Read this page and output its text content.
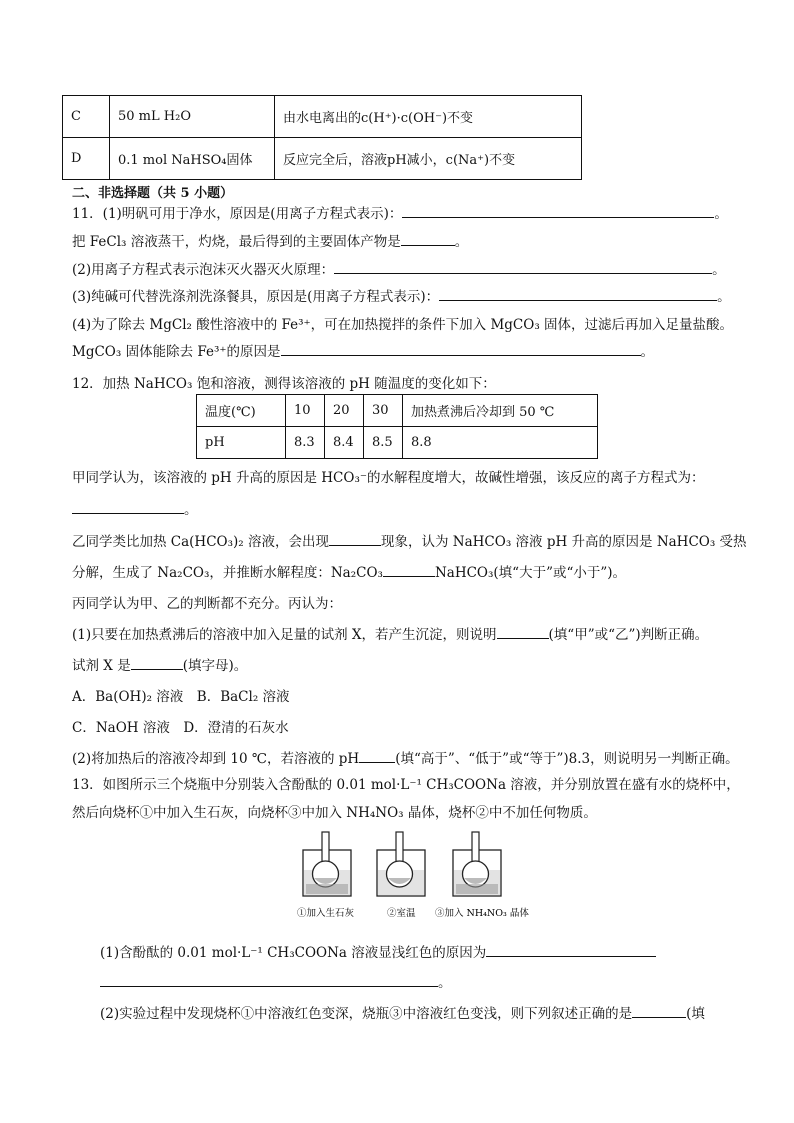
C	50 mL H₂O	由水电离出的c(H⁺)·c(OH⁻)不变
D	0.1 mol NaHSO₄固体	反应完全后，溶液pH减小，c(Na⁺)不变
二、非选择题（共 5 小题）
11．(1)明矾可用于净水，原因是(用离子方程式表示)：	。
把 FeCl₃ 溶液蒸干，灼烧，最后得到的主要固体产物是	。
(2)用离子方程式表示泡沫灭火器灭火原理：	。
(3)纯碱可代替洗涤剂洗涤餐具，原因是(用离子方程式表示)：	。
(4)为了除去 MgCl₂ 酸性溶液中的 Fe³⁺，可在加热搅拌的条件下加入 MgCO₃ 固体，过滤后再加入足量盐酸。
MgCO₃ 固体能除去 Fe³⁺的原因是	。
12．加热 NaHCO₃ 饱和溶液，测得该溶液的 pH 随温度的变化如下：
温度(℃)	10	20	30	加热煮沸后冷却到 50 ℃
pH	8.3	8.4	8.5	8.8
甲同学认为，该溶液的 pH 升高的原因是 HCO₃⁻的水解程度增大，故碱性增强，该反应的离子方程式为：
。
乙同学类比加热 Ca(HCO₃)₂ 溶液，会出现	现象，认为 NaHCO₃ 溶液 pH 升高的原因是 NaHCO₃ 受热
分解，生成了 Na₂CO₃，并推断水解程度：Na₂CO₃	NaHCO₃(填“大于”或“小于”)。
丙同学认为甲、乙的判断都不充分。丙认为：
(1)只要在加热煮沸后的溶液中加入足量的试剂 X，若产生沉淀，则说明	(填“甲”或“乙”)判断正确。
试剂 X 是	(填字母)。
A．Ba(OH)₂ 溶液　B．BaCl₂ 溶液
C．NaOH 溶液　D．澄清的石灰水
(2)将加热后的溶液冷却到 10 ℃，若溶液的 pH	(填“高于”、“低于”或“等于”)8.3，则说明另一判断正确。
13．如图所示三个烧瓶中分别装入含酚酞的 0.01 mol·L⁻¹ CH₃COONa 溶液，并分别放置在盛有水的烧杯中，
然后向烧杯①中加入生石灰，向烧杯③中加入 NH₄NO₃ 晶体，烧杯②中不加任何物质。
①加入生石灰	②室温 ③加入 NH₄NO₃ 晶体
(1)含酚酞的 0.01 mol·L⁻¹ CH₃COONa 溶液显浅红色的原因为
。
(2)实验过程中发现烧杯①中溶液红色变深，烧瓶③中溶液红色变浅，则下列叙述正确的是	(填
